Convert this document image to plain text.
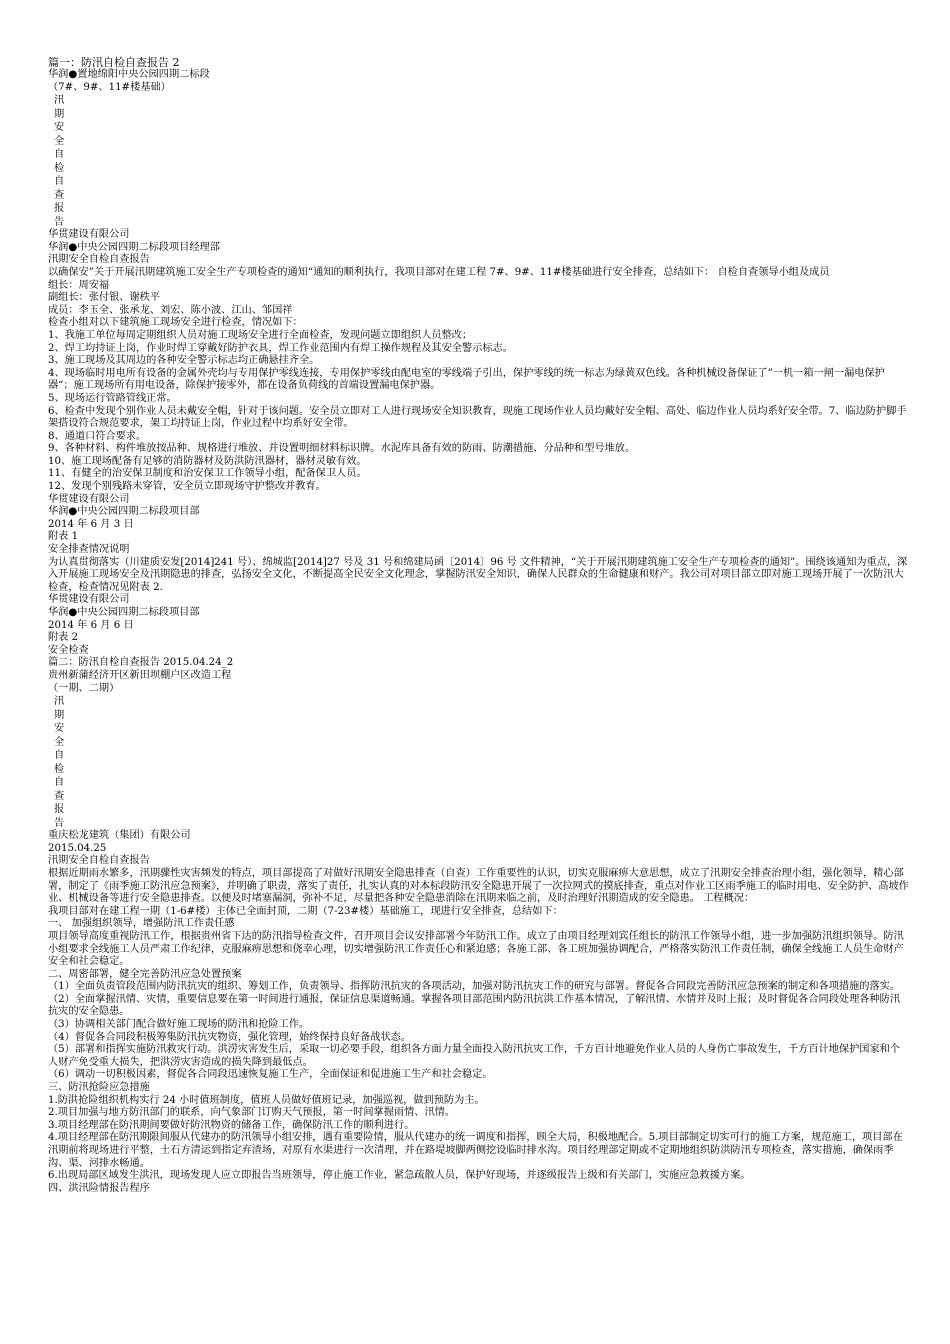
篇一：防汛自检自查报告 2

华润●置地绵阳中央公园四期二标段

（7#、9#、11#楼基础）

汛
期
安
全
自
检
自
查
报
告

华贯建设有限公司

华润●中央公园四期二标段项目经理部

汛期安全自检自查报告

以确保安”关于开展汛期建筑施工安全生产专项检查的通知“通知的顺利执行，我项目部对在建工程 7#、9#、11#楼基础进行安全排查，总结如下： 自检自查领导小组及成员

组长：周安福

副组长：张付银、谢秩平

成员：李玉全、张承龙、刘宏、陈小波、江山、邹国祥

检查小组对以下建筑施工现场安全进行检查，情况如下：

1、我施工单位每周定期组织人员对施工现场安全进行全面检查，发现问题立即组织人员整改；

2、焊工均持证上岗，作业时焊工穿戴好防护衣具，焊工作业范围内有焊工操作规程及其安全警示标志。

3、施工现场及其周边的各种安全警示标志均正确悬挂齐全。

4、现场临时用电所有设备的金属外壳均与专用保护零线连接，专用保护零线由配电室的零线端子引出，保护零线的统一标志为绿黄双色线。各种机械设备保证了”一机一箱一闸一漏电保护器“；施工现场所有用电设备，除保护接零外，都在设备负荷线的首端设置漏电保护器。

5、现场运行管路管线正常。

6、检查中发现个别作业人员未戴安全帽，针对于该问题。安全员立即对工人进行现场安全知识教育，现施工现场作业人员均戴好安全帽、高处、临边作业人员均系好安全带。7、临边防护脚手架搭设符合规范要求，架工均持证上岗，作业过程中均系好安全带。

8、通道口符合要求。

9、各种材料、构件堆放按品种、规格进行堆放、并设置明细材料标识牌。水泥库具备有效的防雨、防潮措施、分品种和型号堆放。

10、施工现场配备有足够的消防器材及防洪防汛器材，器材灵敏有效。

11、有健全的治安保卫制度和治安保卫工作领导小组，配备保卫人员。

12、发现个别残路未穿管，安全员立即现场守护整改并教育。

华贯建设有限公司

华润●中央公园四期二标段项目部

2014 年 6 月 3 日

附表 1

安全排查情况说明

为认真贯彻落实（川建质安发[2014]241 号）、绵城监[2014]27 号及 31 号和绵建局函〔2014〕96 号 文件精神，“关于开展汛期建筑施工安全生产专项检查的通知”。围绕该通知为重点，深入开展施工现场安全及汛期隐患的排查，弘扬安全文化，不断提高全民安全文化理念，掌握防汛安全知识，确保人民群众的生命健康和财产。我公司对项目部立即对施工现场开展了一次防汛大检查，检查情况见附表 2.

华贯建设有限公司

华润●中央公园四期二标段项目部

2014 年 6 月 6 日

附表 2

安全检查

篇二：防汛自检自查报告 2015.04.24_2

贵州新蒲经济开区新田坝棚户区改造工程

（一期、二期）

汛
期
安
全
自
检
自
查
报
告

重庆松龙建筑（集团）有限公司

2015.04.25

汛期安全自检自查报告

根据近期雨水繁多，汛期骤性灾害频发的特点，项目部提高了对做好汛期安全隐患排查（自查）工作重要性的认识，切实克服麻痹大意思想，成立了汛期安全排查治理小组，强化领导，精心部署，制定了《雨季施工防汛应急预案》，并明确了职责，落实了责任，扎实认真的对本标段防汛安全隐患开展了一次拉网式的摸底排查，重点对作业工区雨季施工的临时用电、安全防护、高坡作业、机械设备等进行安全隐患排查。以便及时堵塞漏洞，弥补不足，尽量把各种安全隐患消除在汛期来临之前，及时治理好汛期造成的安全隐患。 工程概况：

我项目部对在建工程一期（1-6#楼）主体已全面封顶，二期（7-23#楼）基础施工，现进行安全排查，总结如下：

一、 加强组织领导，增强防汛工作责任感

项目领导高度重视防汛工作，根据贵州省下达的防汛指导检查文件，召开项目会议安排部署今年防汛工作。成立了由项目经理刘宾任组长的防汛工作领导小组，进一步加强防汛组织领导。防汛小组要求全线施工人员严肃工作纪律，克服麻痹思想和侥幸心理，切实增强防汛工作责任心和紧迫感；各施工部、各工班加强协调配合，严格落实防汛工作责任制，确保全线施工人员生命财产安全和社会稳定。

二、周密部署，健全完善防汛应急处置预案

（1）全面负责管段范围内防汛抗灾的组织、筹划工作，负责领导、指挥防汛抗灾的各项活动，加强对防汛抗灾工作的研究与部署。督促各合同段完善防汛应急预案的制定和各项措施的落实。（2）全面掌握汛情、灾情，重要信息要在第一时间进行通报，保证信息渠道畅通。掌握各项目部范围内防汛抗洪工作基本情况，了解汛情、水情并及时上报；及时督促各合同段处理各种防汛抗灾的安全隐患。

（3）协调相关部门配合做好施工现场的防汛和抢险工作。

（4）督促各合同段积极筹集防汛抗灾物资，强化管理，始终保持良好备战状态。

（5）部署和指挥实施防汛救灾行动。洪涝灾害发生后，采取一切必要手段，组织各方面力量全面投入防汛抗灾工作，千方百计地避免作业人员的人身伤亡事故发生，千方百计地保护国家和个人财产免受重大损失，把洪涝灾害造成的损失降到最低点。

（6）调动一切积极因素，督促各合同段迅速恢复施工生产，全面保证和促进施工生产和社会稳定。

三、防汛抢险应急措施

1.防洪抢险组织机构实行 24 小时值班制度，值班人员做好值班记录，加强巡视，做到预防为主。

2.项目加强与地方防汛部门的联系，向气象部门订购天气预报，第一时间掌握雨情、汛情。

3.项目经理部在防汛期间要做好防汛物资的储备工作，确保防汛工作的顺利进行。

4.项目经理部在防汛期限间服从代建办的防汛领导小组安排，遇有重要险情，服从代建办的统一调度和指挥，顾全大局，积极地配合。5.项目部制定切实可行的施工方案，规范施工，项目部在汛期前将现场进行平整，土石方清运到指定弃渣场，对原有水渠进行一次清理，并在路堤坡脚两侧挖设临时排水沟。项目经理部定期或不定期地组织防洪防汛专项检查，落实措施，确保雨季沟、渠、河排水畅通。

6.出现局部区域发生洪汛，现场发现人应立即报告当班领导，停止施工作业，紧急疏散人员，保护好现场，并逐级报告上级和有关部门，实施应急救援方案。

四、洪汛险情报告程序
